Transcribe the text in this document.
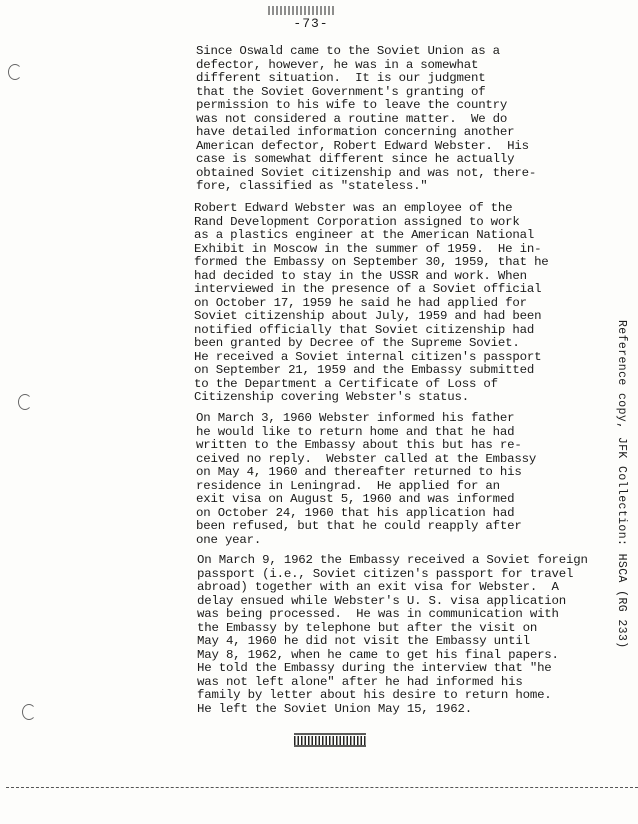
-73-

Since Oswald came to the Soviet Union as a
defector, however, he was in a somewhat
different situation.  It is our judgment
that the Soviet Government's granting of
permission to his wife to leave the country
was not considered a routine matter.  We do
have detailed information concerning another
American defector, Robert Edward Webster.  His
case is somewhat different since he actually
obtained Soviet citizenship and was not, there-
fore, classified as "stateless."

Robert Edward Webster was an employee of the
Rand Development Corporation assigned to work
as a plastics engineer at the American National
Exhibit in Moscow in the summer of 1959.  He in-
formed the Embassy on September 30, 1959, that he
had decided to stay in the USSR and work. When
interviewed in the presence of a Soviet official
on October 17, 1959 he said he had applied for
Soviet citizenship about July, 1959 and had been
notified officially that Soviet citizenship had
been granted by Decree of the Supreme Soviet.
He received a Soviet internal citizen's passport
on September 21, 1959 and the Embassy submitted
to the Department a Certificate of Loss of
Citizenship covering Webster's status.

On March 3, 1960 Webster informed his father
he would like to return home and that he had
written to the Embassy about this but has re-
ceived no reply.  Webster called at the Embassy
on May 4, 1960 and thereafter returned to his
residence in Leningrad.  He applied for an
exit visa on August 5, 1960 and was informed
on October 24, 1960 that his application had
been refused, but that he could reapply after
one year.

On March 9, 1962 the Embassy received a Soviet foreign
passport (i.e., Soviet citizen's passport for travel
abroad) together with an exit visa for Webster.  A
delay ensued while Webster's U. S. visa application
was being processed.  He was in communication with
the Embassy by telephone but after the visit on
May 4, 1960 he did not visit the Embassy until
May 8, 1962, when he came to get his final papers.
He told the Embassy during the interview that "he
was not left alone" after he had informed his
family by letter about his desire to return home.
He left the Soviet Union May 15, 1962.

Reference copy, JFK Collection: HSCA (RG 233)
